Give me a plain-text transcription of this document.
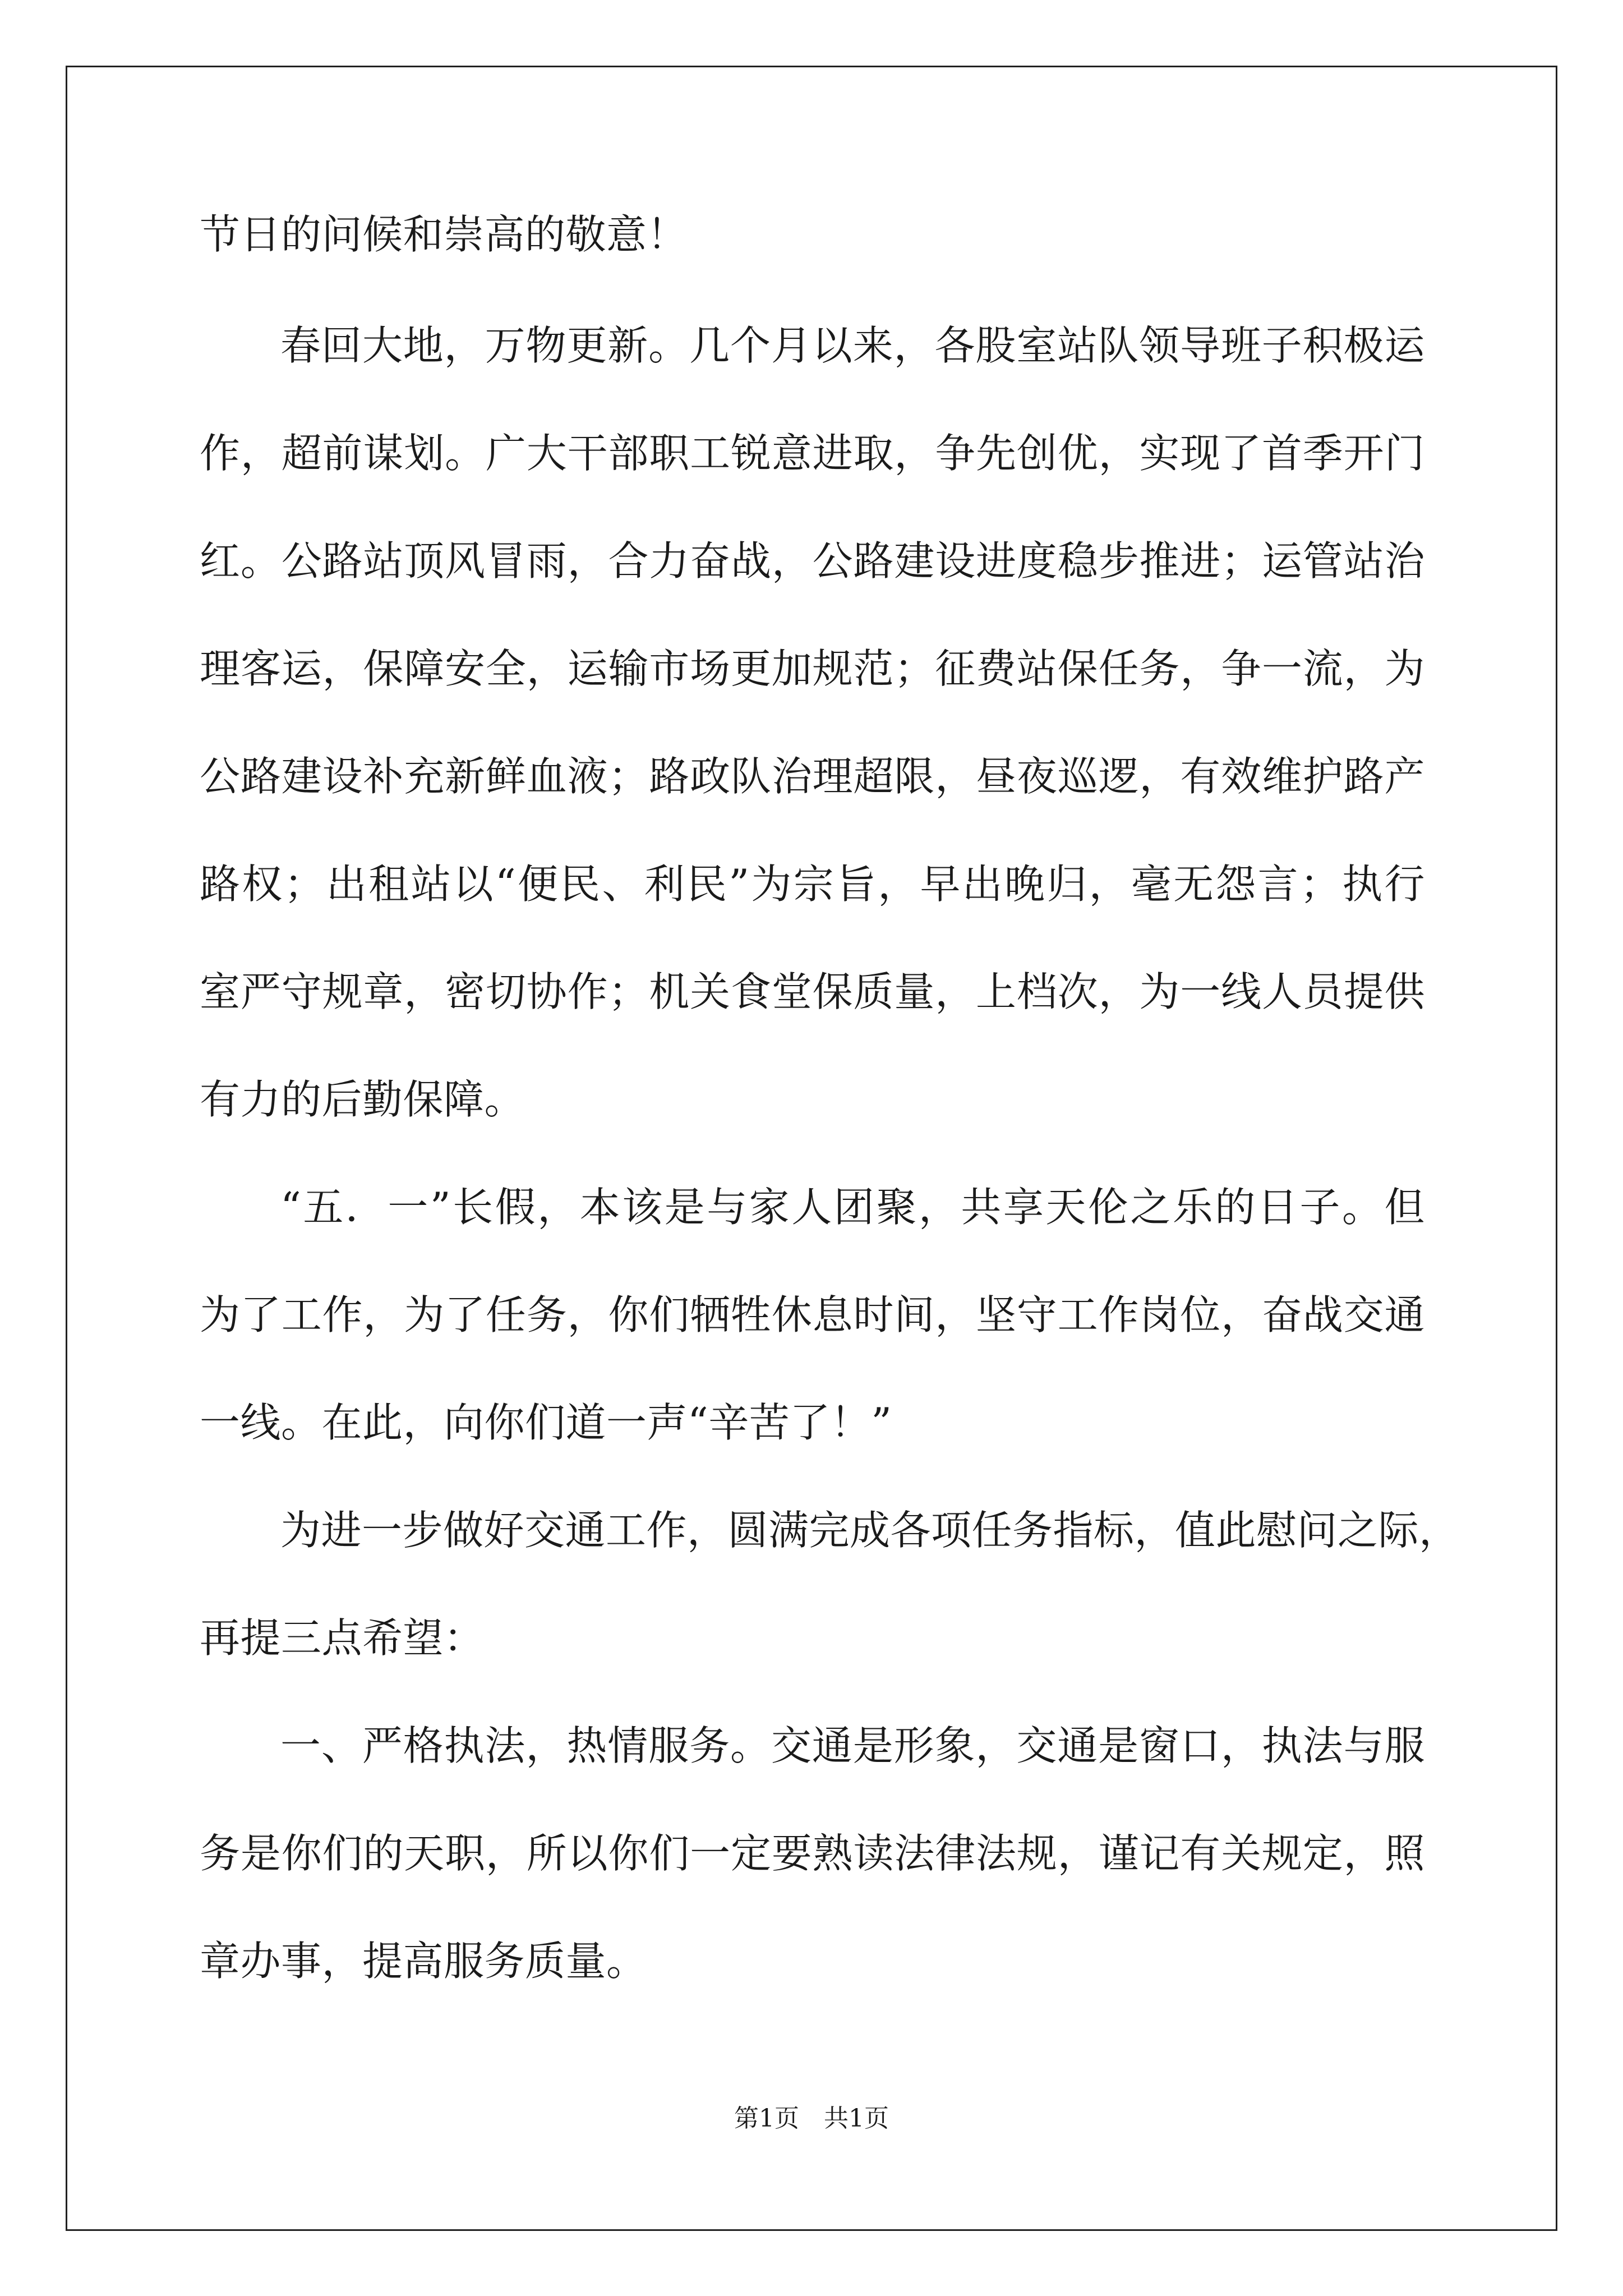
节日的问候和崇高的敬意！
春回大地，万物更新。几个月以来，各股室站队领导班子积极运
作，超前谋划。广大干部职工锐意进取，争先创优，实现了首季开门
红。公路站顶风冒雨，合力奋战，公路建设进度稳步推进；运管站治
理客运，保障安全，运输市场更加规范；征费站保任务，争一流，为
公路建设补充新鲜血液；路政队治理超限，昼夜巡逻，有效维护路产
路权；出租站以“便民、利民”为宗旨，早出晚归，毫无怨言；执行
室严守规章，密切协作；机关食堂保质量，上档次，为一线人员提供
有力的后勤保障。
“五．一”长假，本该是与家人团聚，共享天伦之乐的日子。但
为了工作，为了任务，你们牺牲休息时间，坚守工作岗位，奋战交通
一线。在此，向你们道一声“辛苦了！”
为进一步做好交通工作，圆满完成各项任务指标，值此慰问之际，
再提三点希望：
一、严格执法，热情服务。交通是形象，交通是窗口，执法与服
务是你们的天职，所以你们一定要熟读法律法规，谨记有关规定，照
章办事，提高服务质量。
第1页　共1页
